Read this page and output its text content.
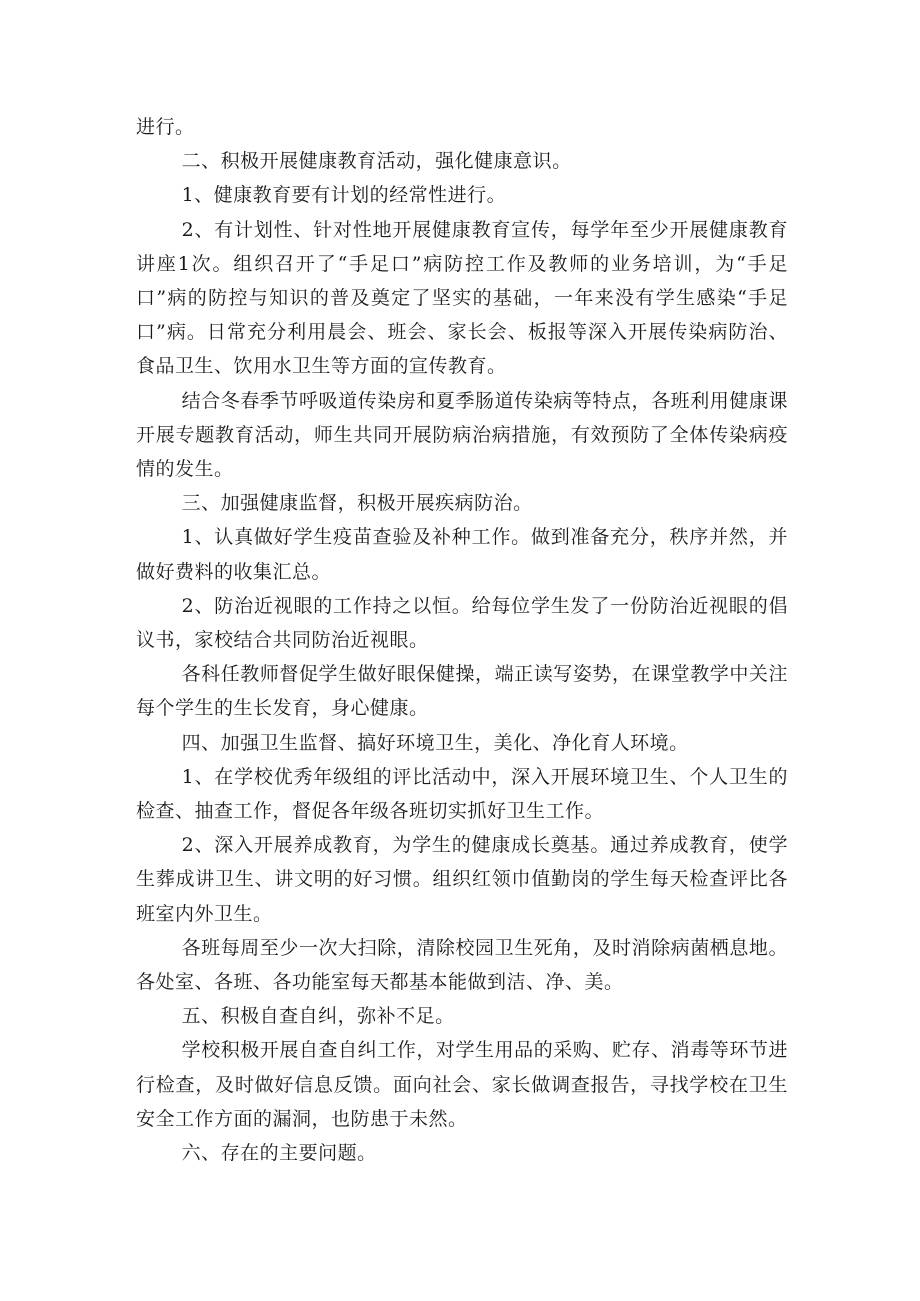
进行。

二、积极开展健康教育活动，强化健康意识。

1、健康教育要有计划的经常性进行。

2、有计划性、针对性地开展健康教育宣传，每学年至少开展健康教育讲座1次。组织召开了“手足口”病防控工作及教师的业务培训，为“手足口”病的防控与知识的普及奠定了坚实的基础，一年来没有学生感染“手足口”病。日常充分利用晨会、班会、家长会、板报等深入开展传染病防治、食品卫生、饮用水卫生等方面的宣传教育。

结合冬春季节呼吸道传染房和夏季肠道传染病等特点，各班利用健康课开展专题教育活动，师生共同开展防病治病措施，有效预防了全体传染病疫情的发生。

三、加强健康监督，积极开展疾病防治。

1、认真做好学生疫苗查验及补种工作。做到准备充分，秩序并然，并做好费料的收集汇总。

2、防治近视眼的工作持之以恒。给每位学生发了一份防治近视眼的倡议书，家校结合共同防治近视眼。

各科任教师督促学生做好眼保健操，端正读写姿势，在课堂教学中关注每个学生的生长发育，身心健康。

四、加强卫生监督、搞好环境卫生，美化、净化育人环境。

1、在学校优秀年级组的评比活动中，深入开展环境卫生、个人卫生的检查、抽查工作，督促各年级各班切实抓好卫生工作。

2、深入开展养成教育，为学生的健康成长奠基。通过养成教育，使学生葬成讲卫生、讲文明的好习惯。组织红领巾值勤岗的学生每天检查评比各班室内外卫生。

各班每周至少一次大扫除，清除校园卫生死角，及时消除病菌栖息地。各处室、各班、各功能室每天都基本能做到洁、净、美。

五、积极自查自纠，弥补不足。

学校积极开展自查自纠工作，对学生用品的采购、贮存、消毒等环节进行检查，及时做好信息反馈。面向社会、家长做调查报告，寻找学校在卫生安全工作方面的漏洞，也防患于未然。

六、存在的主要问题。
